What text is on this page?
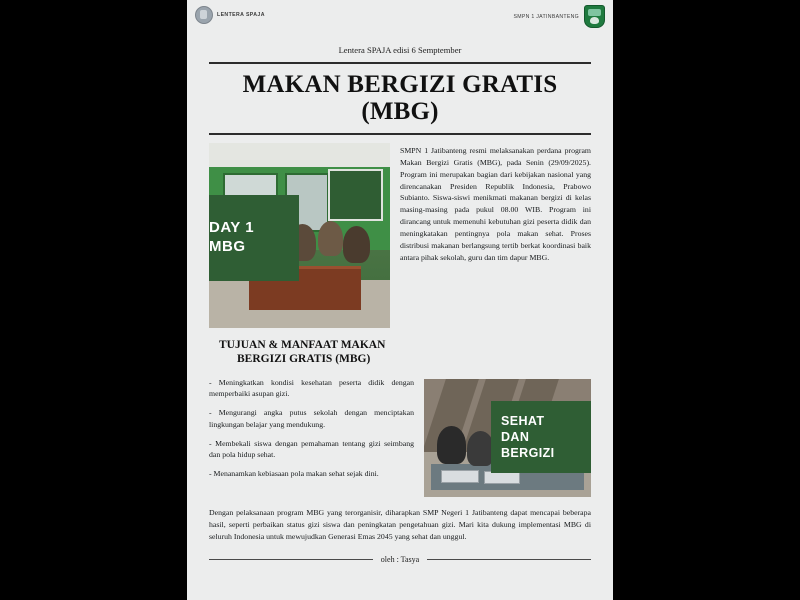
LENTERA SPAJA	SMPN 1 JATINBANTENG
Lentera SPAJA edisi 6 Semptember
MAKAN BERGIZI GRATIS
(MBG)
DAY 1
MBG
SMPN 1 Jatibanteng resmi melaksanakan perdana program Makan Bergizi Gratis (MBG), pada Senin (29/09/2025). Program ini merupakan bagian dari kebijakan nasional yang direncanakan Presiden Republik Indonesia, Prabowo Subianto. Siswa-siswi menikmati makanan bergizi di kelas masing-masing pada pukul 08.00 WIB. Program ini dirancang untuk memenuhi kebutuhan gizi peserta didik dan meningkatakan pentingnya pola makan sehat. Proses distribusi makanan berlangsung tertib berkat koordinasi baik antara pihak sekolah, guru dan tim dapur MBG.
TUJUAN & MANFAAT MAKAN
BERGIZI GRATIS (MBG)

- Meningkatkan kondisi kesehatan peserta didik dengan memperbaiki asupan gizi.

- Mengurangi angka putus sekolah dengan menciptakan lingkungan belajar yang mendukung.

- Membekali siswa dengan pemahaman tentang gizi seimbang dan pola hidup sehat.

- Menanamkan kebiasaan pola makan sehat sejak dini.

SEHAT
DAN
BERGIZI
Dengan pelaksanaan program MBG yang terorganisir, diharapkan SMP Negeri 1 Jatibanteng dapat mencapai beberapa hasil, seperti perbaikan status gizi siswa dan peningkatan pengetahuan gizi. Mari kita dukung implementasi MBG di seluruh Indonesia untuk mewujudkan Generasi Emas 2045 yang sehat dan unggul.
oleh : Tasya
